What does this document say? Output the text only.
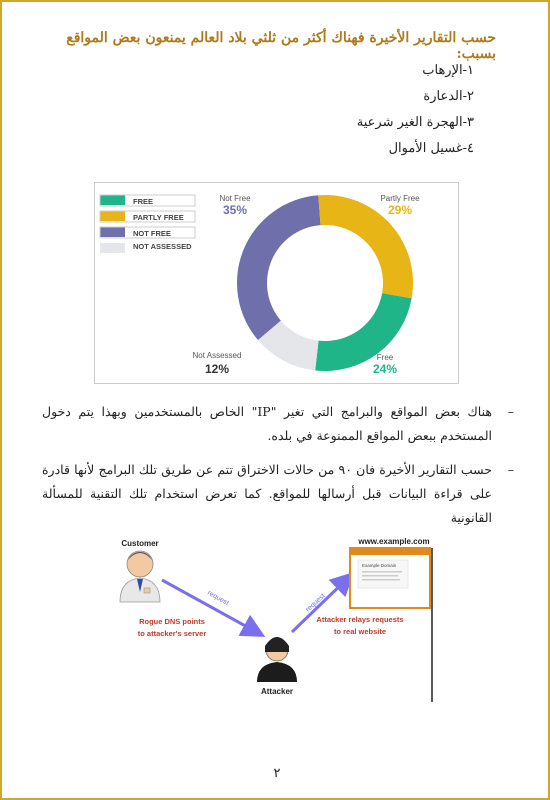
حسب التقارير الأخيرة فهناك أكثر من ثلثي بلاد العالم يمنعون بعض المواقع بسبب:
١-الإرهاب
٢-الدعارة
٣-الهجرة الغير شرعية
٤-غسيل الأموال
FREE
PARTLY FREE
NOT FREE
NOT ASSESSED
Not Free
35%
Partly Free
29%
Not Assessed
12%
Free
24%
–
هناك بعض المواقع والبرامج التي تغير "IP" الخاص بالمستخدمين وبهذا يتم دخول المستخدم ببعض المواقع الممنوعة في بلده.
–
حسب التقارير الأخيرة فان ٩٠ من حالات الاختراق تتم عن طريق تلك البرامج لأنها قادرة على قراءة البيانات قبل أرسالها للمواقع. كما تعرض استخدام تلك التقنية للمسألة القانونية
Customer
request
Rogue DNS points
to attacker's server
Attacker
request
Attacker relays requests
to real website
www.example.com
Example Domain
٢
